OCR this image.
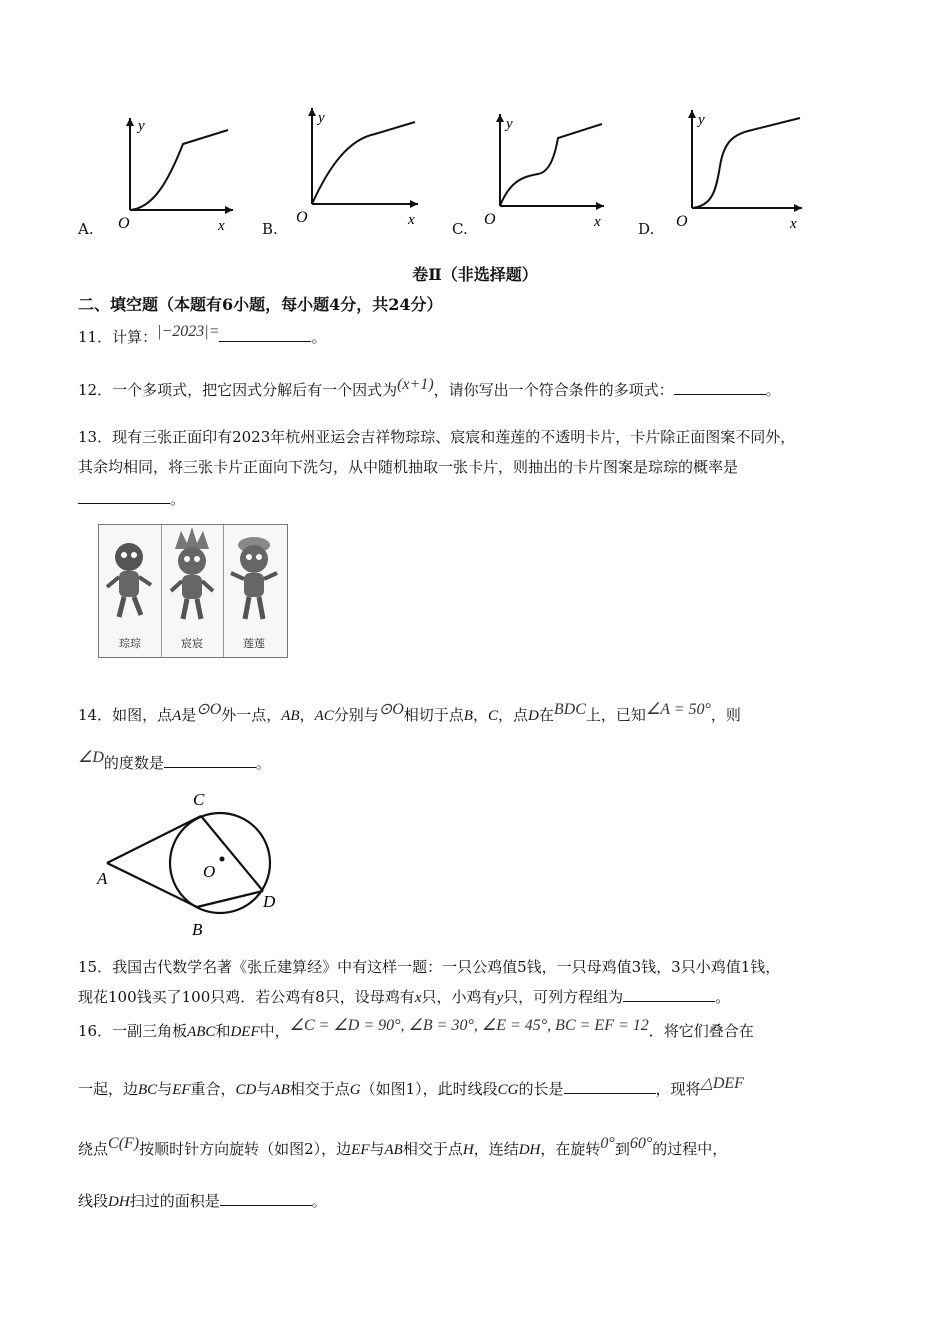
y
O	x
A.
y
O	x
B.
y
O	x
C.
y
O	x
D.
卷Ⅱ（非选择题）
二、填空题（本题有6小题，每小题4分，共24分）
11．计算：|−2023|=	。
12．一个多项式，把它因式分解后有一个因式为(x+1)，请你写出一个符合条件的多项式：	。
13．现有三张正面印有2023年杭州亚运会吉祥物琮琮、宸宸和莲莲的不透明卡片，卡片除正面图案不同外，
其余均相同，将三张卡片正面向下洗匀，从中随机抽取一张卡片，则抽出的卡片图案是琮琮的概率是
。
琮琮	宸宸	莲莲
14．如图，点A是⊙O外一点，AB，AC分别与⊙O相切于点B，C，点D在BDC上，已知∠A = 50°，则
∠D的度数是	。
C
O
A
D
B
15．我国古代数学名著《张丘建算经》中有这样一题：一只公鸡值5钱，一只母鸡值3钱，3只小鸡值1钱，
现花100钱买了100只鸡．若公鸡有8只，设母鸡有x只，小鸡有y只，可列方程组为	。
16．一副三角板ABC和DEF中，∠C = ∠D = 90°, ∠B = 30°, ∠E = 45°, BC = EF = 12．将它们叠合在
一起，边BC与EF重合，CD与AB相交于点G（如图1），此时线段CG的长是	，现将△DEF
绕点C(F)按顺时针方向旋转（如图2），边EF与AB相交于点H，连结DH，在旋转0°到60°的过程中，
线段DH扫过的面积是	。
